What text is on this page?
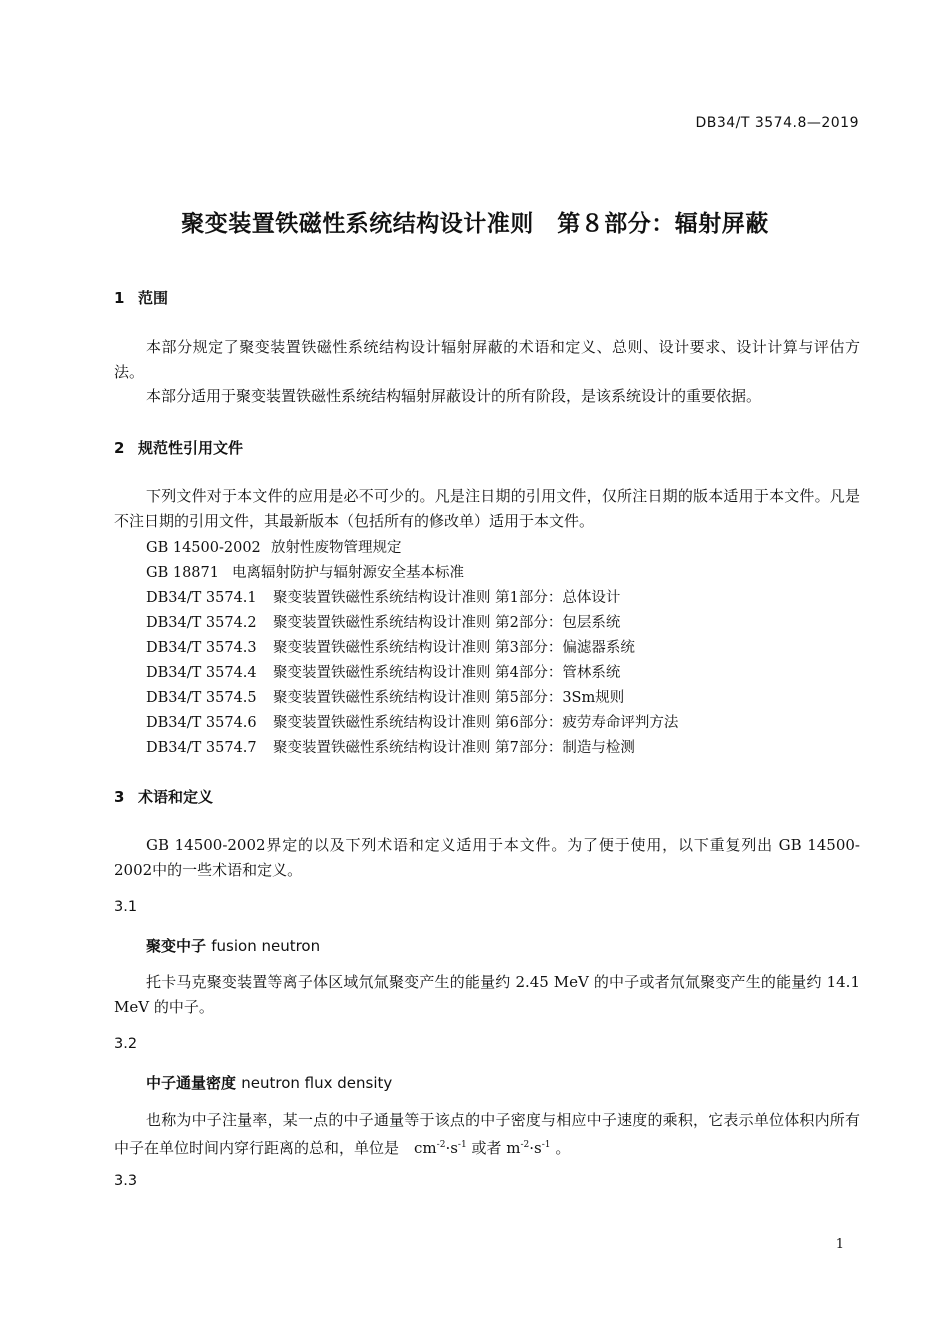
DB34/T 3574.8—2019
聚变装置铁磁性系统结构设计准则　第８部分：辐射屏蔽
1 范围
本部分规定了聚变装置铁磁性系统结构设计辐射屏蔽的术语和定义、总则、设计要求、设计计算与评估方法。
本部分适用于聚变装置铁磁性系统结构辐射屏蔽设计的所有阶段，是该系统设计的重要依据。
2 规范性引用文件
下列文件对于本文件的应用是必不可少的。凡是注日期的引用文件，仅所注日期的版本适用于本文件。凡是不注日期的引用文件，其最新版本（包括所有的修改单）适用于本文件。
GB 14500-2002 放射性废物管理规定
GB 18871 电离辐射防护与辐射源安全基本标准
DB34/T 3574.1 聚变装置铁磁性系统结构设计准则 第1部分：总体设计
DB34/T 3574.2 聚变装置铁磁性系统结构设计准则 第2部分：包层系统
DB34/T 3574.3 聚变装置铁磁性系统结构设计准则 第3部分：偏滤器系统
DB34/T 3574.4 聚变装置铁磁性系统结构设计准则 第4部分：管林系统
DB34/T 3574.5 聚变装置铁磁性系统结构设计准则 第5部分：3Sm规则
DB34/T 3574.6 聚变装置铁磁性系统结构设计准则 第6部分：疲劳寿命评判方法
DB34/T 3574.7 聚变装置铁磁性系统结构设计准则 第7部分：制造与检测
3 术语和定义
GB 14500-2002界定的以及下列术语和定义适用于本文件。为了便于使用，以下重复列出 GB 14500-2002中的一些术语和定义。
3.1
聚变中子 fusion neutron
托卡马克聚变装置等离子体区域氘氚聚变产生的能量约 2.45 MeV 的中子或者氘氚聚变产生的能量约 14.1 MeV 的中子。
3.2
中子通量密度 neutron flux density
也称为中子注量率，某一点的中子通量等于该点的中子密度与相应中子速度的乘积，它表示单位体积内所有中子在单位时间内穿行距离的总和，单位是　 $cm^{-2}\cdot s^{-1}$ 或者 $m^{-2}\cdot s^{-1}$ 。
3.3
1
